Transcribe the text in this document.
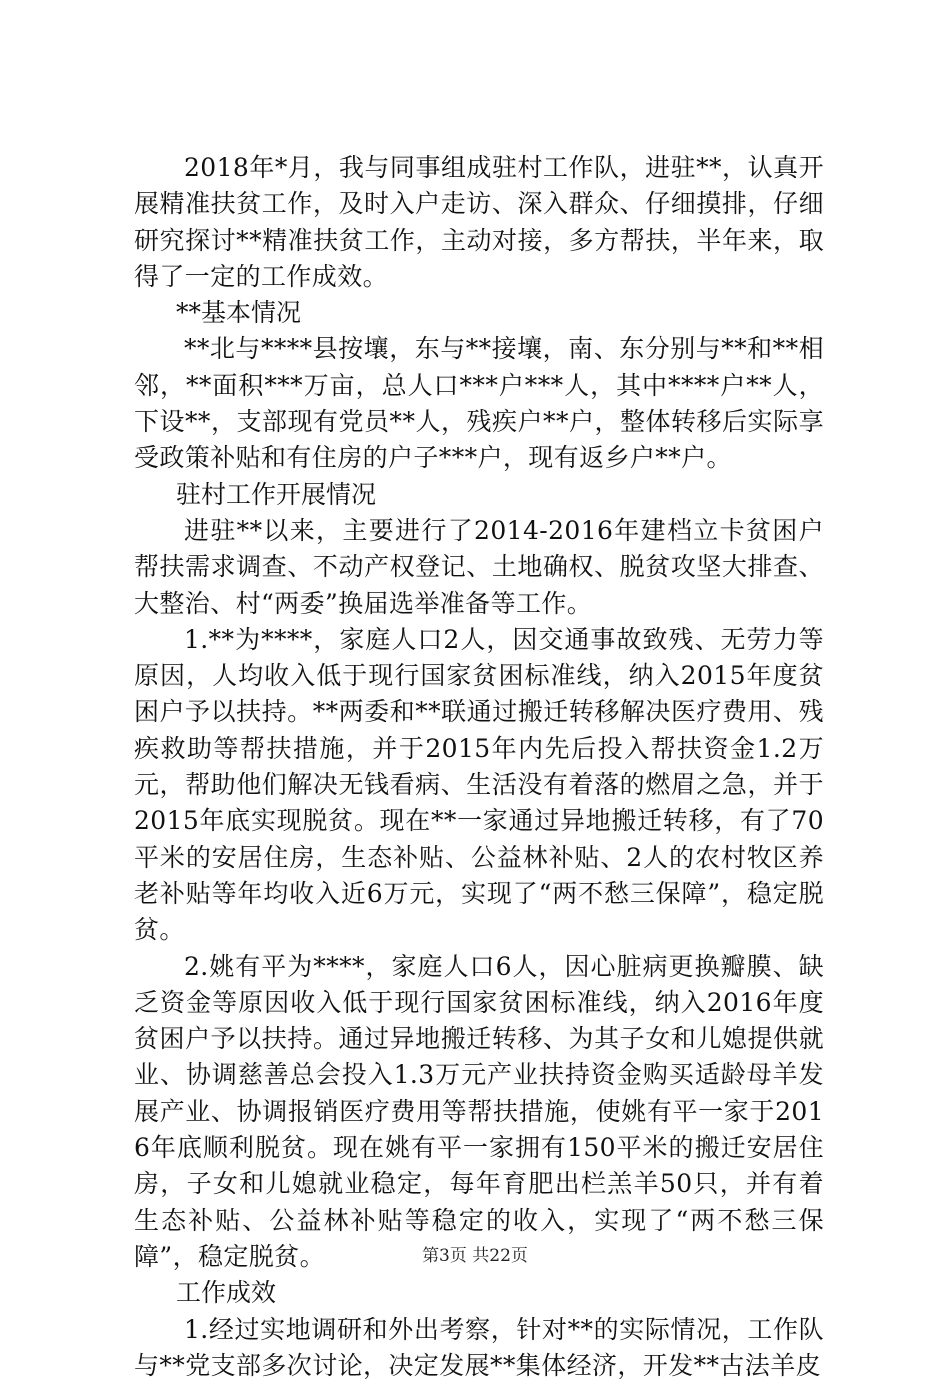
2018年*月，我与同事组成驻村工作队，进驻**，认真开展精准扶贫工作，及时入户走访、深入群众、仔细摸排，仔细研究探讨**精准扶贫工作，主动对接，多方帮扶，半年来，取得了一定的工作成效。

**基本情况

**北与****县按壤，东与**接壤，南、东分别与**和**相邻，**面积***万亩，总人口***户***人，其中****户**人，下设**，支部现有党员**人，残疾户**户，整体转移后实际享受政策补贴和有住房的户子***户，现有返乡户**户。

驻村工作开展情况

进驻**以来，主要进行了2014-2016年建档立卡贫困户帮扶需求调查、不动产权登记、土地确权、脱贫攻坚大排查、大整治、村“两委”换届选举准备等工作。

1.**为****，家庭人口2人，因交通事故致残、无劳力等原因，人均收入低于现行国家贫困标准线，纳入2015年度贫困户予以扶持。**两委和**联通过搬迁转移解决医疗费用、残疾救助等帮扶措施，并于2015年内先后投入帮扶资金1.2万元，帮助他们解决无钱看病、生活没有着落的燃眉之急，并于2015年底实现脱贫。现在**一家通过异地搬迁转移，有了70平米的安居住房，生态补贴、公益林补贴、2人的农村牧区养老补贴等年均收入近6万元，实现了“两不愁三保障”，稳定脱贫。

2.姚有平为****，家庭人口6人，因心脏病更换瓣膜、缺乏资金等原因收入低于现行国家贫困标准线，纳入2016年度贫困户予以扶持。通过异地搬迁转移、为其子女和儿媳提供就业、协调慈善总会投入1.3万元产业扶持资金购买适龄母羊发展产业、协调报销医疗费用等帮扶措施，使姚有平一家于2016年底顺利脱贫。现在姚有平一家拥有150平米的搬迁安居住房，子女和儿媳就业稳定，每年育肥出栏羔羊50只，并有着生态补贴、公益林补贴等稳定的收入，实现了“两不愁三保障”，稳定脱贫。

工作成效

1.经过实地调研和外出考察，针对**的实际情况，工作队与**党支部多次讨论，决定发展**集体经济，开发**古法羊皮

第3页 共22页
